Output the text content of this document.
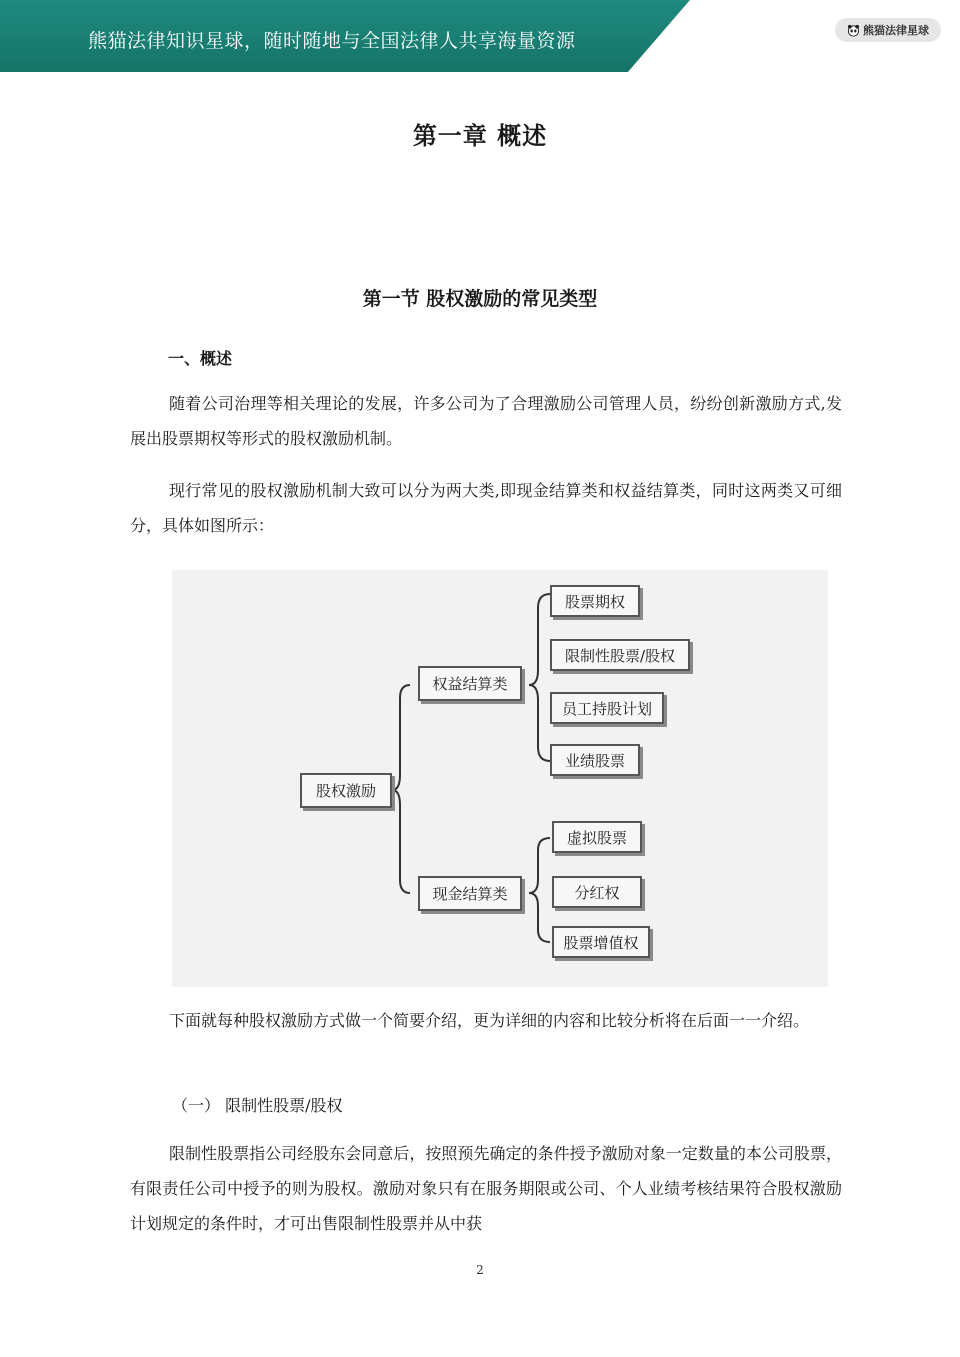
熊猫法律知识星球，随时随地与全国法律人共享海量资源	熊猫法律星球
第一章 概述
第一节 股权激励的常见类型
一、概述

随着公司治理等相关理论的发展，许多公司为了合理激励公司管理人员，纷纷创新激励方式,发展出股票期权等形式的股权激励机制。

现行常见的股权激励机制大致可以分为两大类,即现金结算类和权益结算类，同时这两类又可细分，具体如图所示：

股权激励
权益结算类
现金结算类
股票期权
限制性股票/股权
员工持股计划
业绩股票
虚拟股票
分红权
股票增值权

下面就每种股权激励方式做一个简要介绍，更为详细的内容和比较分析将在后面一一介绍。

（一） 限制性股票/股权

限制性股票指公司经股东会同意后，按照预先确定的条件授予激励对象一定数量的本公司股票，有限责任公司中授予的则为股权。激励对象只有在服务期限或公司、个人业绩考核结果符合股权激励计划规定的条件时，才可出售限制性股票并从中获

2
